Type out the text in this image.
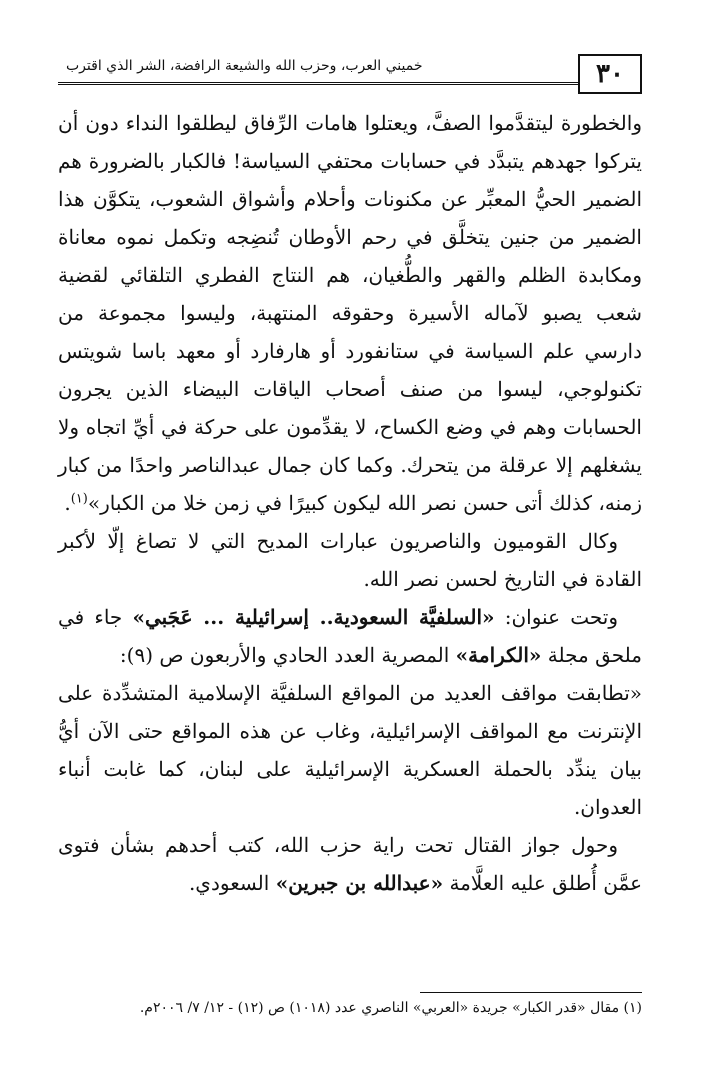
خميني العرب، وحزب الله والشيعة الرافضة، الشر الذي اقترب	٣٠

والخطورة ليتقدَّموا الصفَّ، ويعتلوا هامات الرِّفاق ليطلقوا النداء دون أن يتركوا جهدهم يتبدَّد في حسابات محتفي السياسة! فالكبار بالضرورة هم الضمير الحيُّ المعبِّر عن مكنونات وأحلام وأشواق الشعوب، يتكوَّن هذا الضمير من جنين يتخلَّق في رحم الأوطان تُنضِجه وتكمل نموه معاناة ومكابدة الظلم والقهر والطُّغيان، هم النتاج الفطري التلقائي لقضية شعب يصبو لآماله الأسيرة وحقوقه المنتهبة، وليسوا مجموعة من دارسي علم السياسة في ستانفورد أو هارفارد أو معهد باسا شويتس تكنولوجي، ليسوا من صنف أصحاب الياقات البيضاء الذين يجرون الحسابات وهم في وضع الكساح، لا يقدِّمون على حركة في أيِّ اتجاه ولا يشغلهم إلا عرقلة من يتحرك. وكما كان جمال عبدالناصر واحدًا من كبار زمنه، كذلك أتى حسن نصر الله ليكون كبيرًا في زمن خلا من الكبار»$^{(١)}$.

وكال القوميون والناصريون عبارات المديح التي لا تصاغ إلّا لأكبر القادة في التاريخ لحسن نصر الله.

وتحت عنوان: «السلفيَّة السعودية.. إسرائيلية ... عَجَبي» جاء في ملحق مجلة «الكرامة» المصرية العدد الحادي والأربعون ص (٩):

«تطابقت مواقف العديد من المواقع السلفيَّة الإسلامية المتشدِّدة على الإنترنت مع المواقف الإسرائيلية، وغاب عن هذه المواقع حتى الآن أيُّ بيان يندِّد بالحملة العسكرية الإسرائيلية على لبنان، كما غابت أنباء العدوان.

وحول جواز القتال تحت راية حزب الله، كتب أحدهم بشأن فتوى عمَّن أُطلق عليه العلَّامة «عبدالله بن جبرين» السعودي.

(١) مقال «قدر الكبار» جريدة «العربي» الناصري عدد (١٠١٨) ص (١٢) - ١٢/ ٧/ ٢٠٠٦م.
